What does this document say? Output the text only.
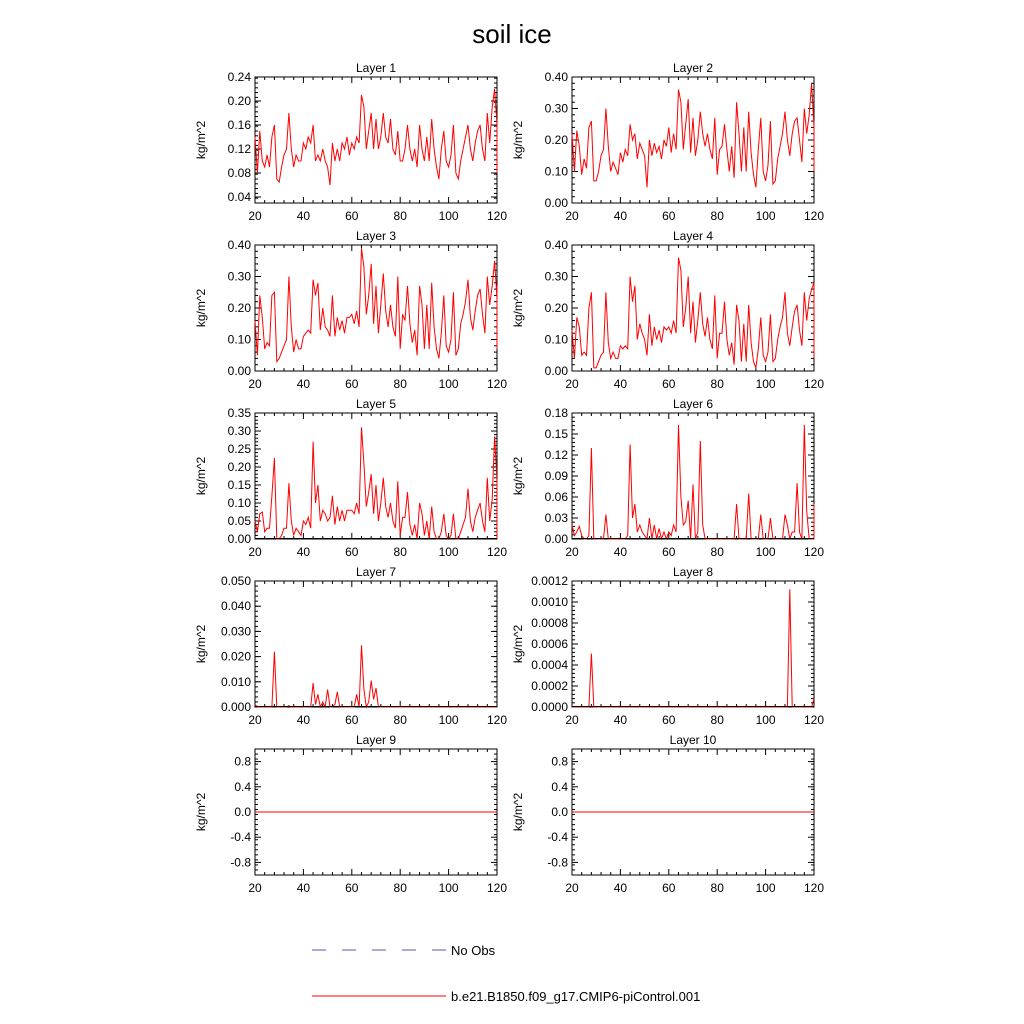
soil ice
Layer 1
kg/m^2
20	40	60	80	100 120
0.04
0.08
0.12
0.16
0.20
0.24
Layer 2
kg/m^2
20	40	60	80	100 120
0.00
0.10
0.20
0.30
0.40
Layer 3
kg/m^2
20	40	60	80	100 120
0.00
0.10
0.20
0.30
0.40
Layer 4
kg/m^2
20	40	60	80	100 120
0.00
0.10
0.20
0.30
0.40
Layer 5
kg/m^2
20	40	60	80	100 120
0.00
0.05
0.10
0.15
0.20
0.25
0.30
0.35
Layer 6
kg/m^2
20	40	60	80	100 120
0.00
0.03
0.06
0.09
0.12
0.15
0.18
Layer 7
kg/m^2
20	40	60	80	100 120
0.000
0.010
0.020
0.030
0.040
0.050
Layer 8
kg/m^2
20	40	60	80	100 120
0.0000
0.0002
0.0004
0.0006
0.0008
0.0010
0.0012
Layer 9
kg/m^2
20	40	60	80	100 120
-0.8
-0.4
0.0
0.4
0.8
Layer 10
kg/m^2
20	40	60	80	100 120
-0.8
-0.4
0.0
0.4
0.8
No Obs
b.e21.B1850.f09_g17.CMIP6-piControl.001
